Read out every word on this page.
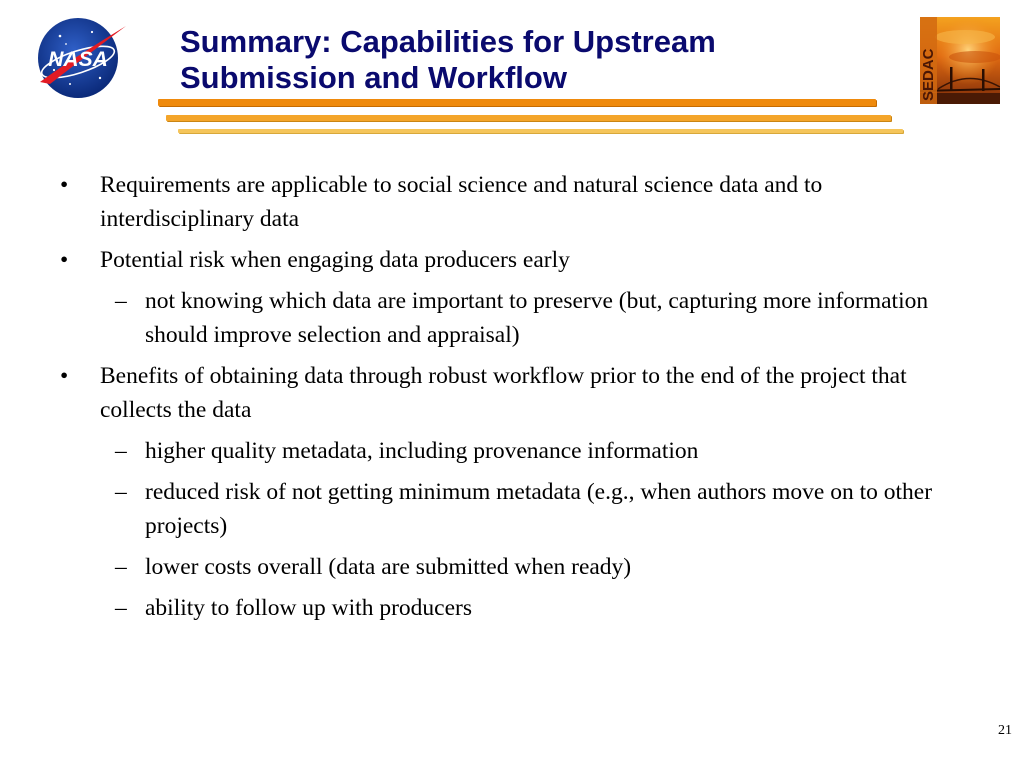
NASA
Summary: Capabilities for Upstream
Submission and Workflow	SEDAC
• Requirements are applicable to social science and natural science data and to interdisciplinary data
• Potential risk when engaging data producers early
– not knowing which data are important to preserve (but, capturing more information should improve selection and appraisal)
• Benefits of obtaining data through robust workflow prior to the end of the project that collects the data
– higher quality metadata, including provenance information
– reduced risk of not getting minimum metadata (e.g., when authors move on to other projects)
– lower costs overall (data are submitted when ready)
– ability to follow up with producers
21
